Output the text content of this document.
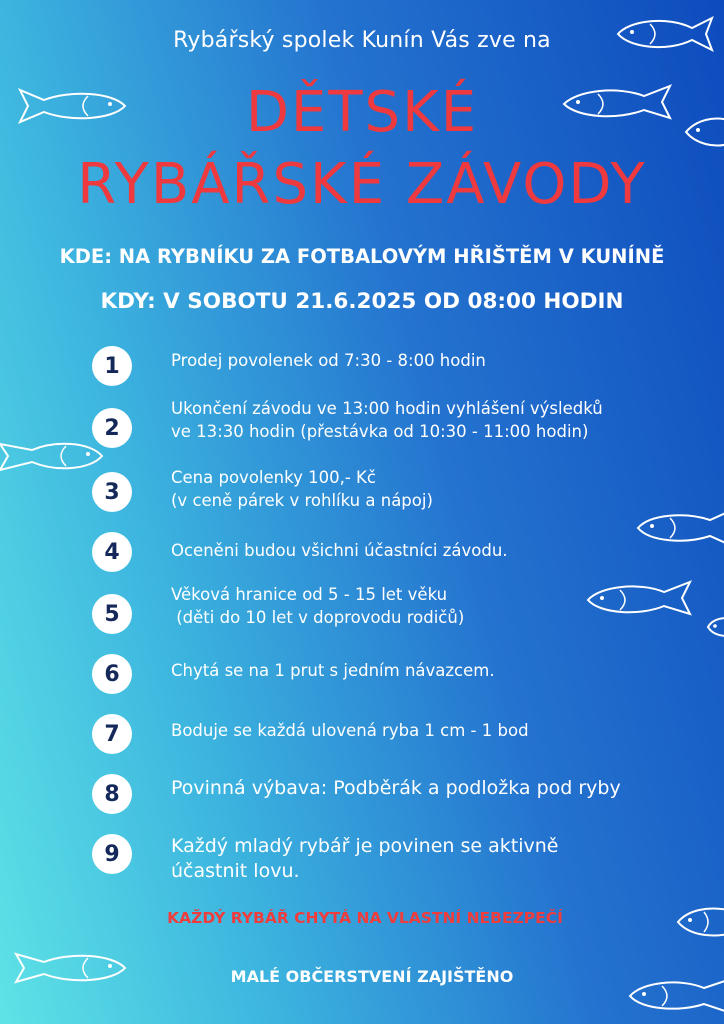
Rybářský spolek Kunín Vás zve na
DĚTSKÉ
RYBÁŘSKÉ ZÁVODY
KDE: NA RYBNÍKU ZA FOTBALOVÝM HŘIŠTĚM V KUNÍNĚ
KDY: V SOBOTU 21.6.2025 OD 08:00 HODIN
1	Prodej povolenek od 7:30 - 8:00 hodin
2
Ukončení závodu ve 13:00 hodin vyhlášení výsledků
ve 13:30 hodin (přestávka od 10:30 - 11:00 hodin)
3
Cena povolenky 100,- Kč
(v ceně párek v rohlíku a nápoj)
4	Oceněni budou všichni účastníci závodu.
5
Věková hranice od 5 - 15 let věku
(děti do 10 let v doprovodu rodičů)
6	Chytá se na 1 prut s jedním návazcem.
7	Boduje se každá ulovená ryba 1 cm - 1 bod
8	Povinná výbava: Podběrák a podložka pod ryby
9	Každý mladý rybář je povinen se aktivně
účastnit lovu.
KAŽDÝ RYBÁŘ CHYTÁ NA VLASTNÍ NEBEZPEČÍ
MALÉ OBČERSTVENÍ ZAJIŠTĚNO
